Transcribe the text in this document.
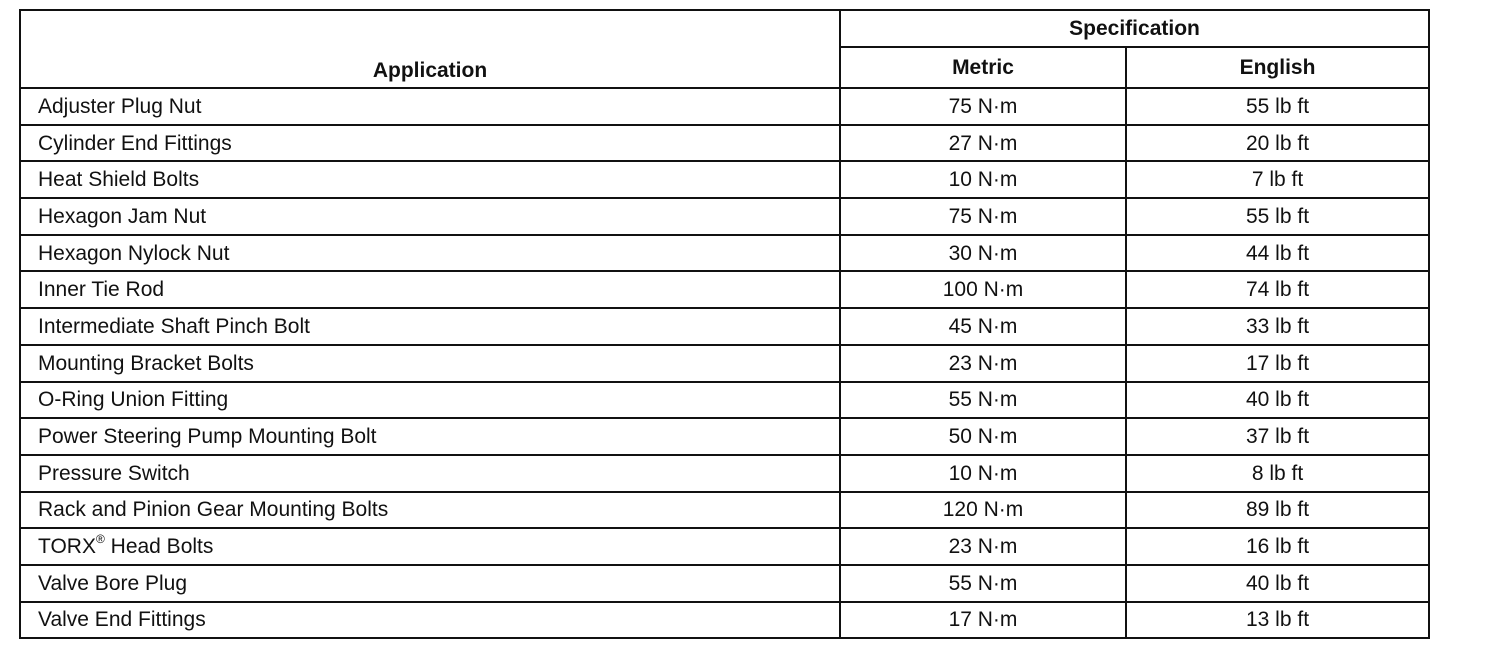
Application	Specification	
	Metric	English
Adjuster Plug Nut	75 N·m	55 lb ft
Cylinder End Fittings	27 N·m	20 lb ft
Heat Shield Bolts	10 N·m	7 lb ft
Hexagon Jam Nut	75 N·m	55 lb ft
Hexagon Nylock Nut	30 N·m	44 lb ft
Inner Tie Rod	100 N·m	74 lb ft
Intermediate Shaft Pinch Bolt	45 N·m	33 lb ft
Mounting Bracket Bolts	23 N·m	17 lb ft
O-Ring Union Fitting	55 N·m	40 lb ft
Power Steering Pump Mounting Bolt	50 N·m	37 lb ft
Pressure Switch	10 N·m	8 lb ft
Rack and Pinion Gear Mounting Bolts	120 N·m	89 lb ft
TORX® Head Bolts	23 N·m	16 lb ft
Valve Bore Plug	55 N·m	40 lb ft
Valve End Fittings	17 N·m	13 lb ft
